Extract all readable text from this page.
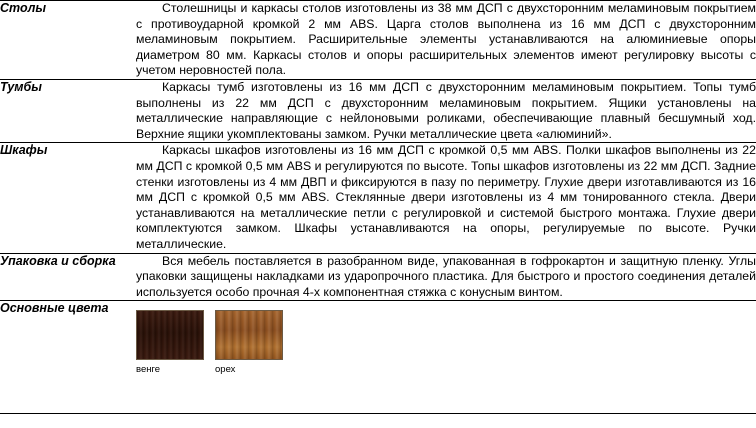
Столы		Столешницы и каркасы столов изготовлены из 38 мм ДСП с двухсторонним меламиновым покрытием с противоударной кромкой 2 мм ABS. Царга столов выполнена из 16 мм ДСП с двухсторонним меламиновым покрытием. Расширительные элементы устанавливаются на алюминиевые опоры диаметром 80 мм. Каркасы столов и опоры расширительных элементов имеют регулировку высоты с учетом неровностей пола.

Тумбы		Каркасы тумб изготовлены из 16 мм ДСП с двухсторонним меламиновым покрытием. Топы тумб выполнены из 22 мм ДСП с двухсторонним меламиновым покрытием. Ящики установлены на металлические направляющие с нейлоновыми роликами, обеспечивающие плавный бесшумный ход. Верхние ящики укомплектованы замком. Ручки металлические цвета «алюминий».

Шкафы		Каркасы шкафов изготовлены из 16 мм ДСП с кромкой 0,5 мм ABS. Полки шкафов выполнены из 22 мм ДСП с кромкой 0,5 мм ABS и регулируются по высоте. Топы шкафов изготовлены из 22 мм ДСП. Задние стенки изготовлены из 4 мм ДВП и фиксируются в пазу по периметру. Глухие двери изготавливаются из 16 мм ДСП с кромкой 0,5 мм ABS. Стеклянные двери изготовлены из 4 мм тонированного стекла. Двери устанавливаются на металлические петли с регулировкой и системой быстрого монтажа. Глухие двери комплектуются замком. Шкафы устанавливаются на опоры, регулируемые по высоте. Ручки металлические.

Упаковка и сборка		Вся мебель поставляется в разобранном виде, упакованная в гофрокартон и защитную пленку. Углы упаковки защищены накладками из ударопрочного пластика. Для быстрого и простого соединения деталей используется особо прочная 4-х компонентная стяжка с конусным винтом.

Основные цвета		венге орех
